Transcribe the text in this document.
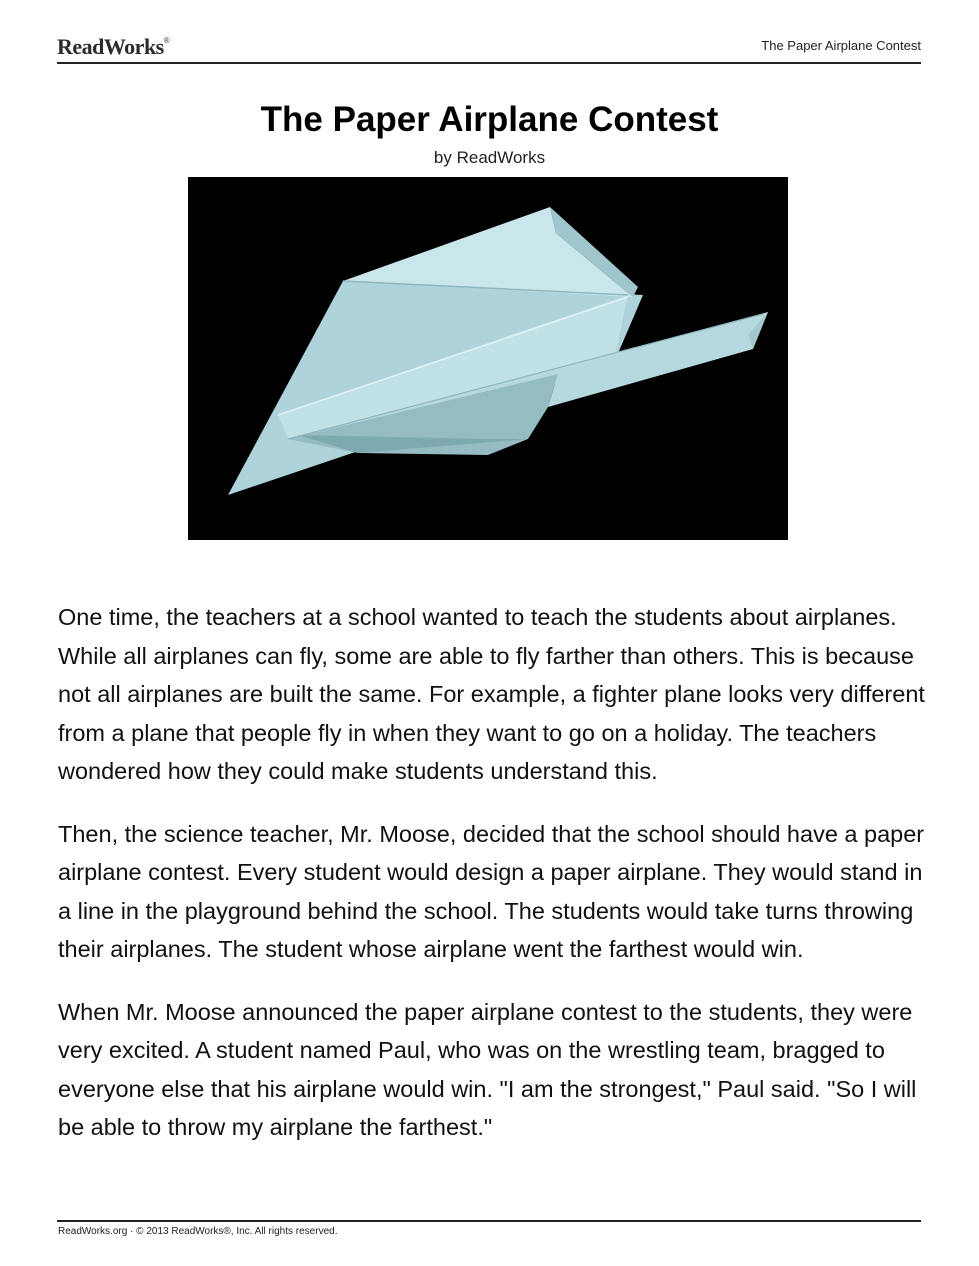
ReadWorks®	The Paper Airplane Contest
The Paper Airplane Contest
by ReadWorks

One time, the teachers at a school wanted to teach the students about airplanes. While all airplanes can fly, some are able to fly farther than others. This is because not all airplanes are built the same. For example, a fighter plane looks very different from a plane that people fly in when they want to go on a holiday. The teachers wondered how they could make students understand this.

Then, the science teacher, Mr. Moose, decided that the school should have a paper airplane contest. Every student would design a paper airplane. They would stand in a line in the playground behind the school. The students would take turns throwing their airplanes. The student whose airplane went the farthest would win.

When Mr. Moose announced the paper airplane contest to the students, they were very excited. A student named Paul, who was on the wrestling team, bragged to everyone else that his airplane would win. "I am the strongest," Paul said. "So I will be able to throw my airplane the farthest."

ReadWorks.org · © 2013 ReadWorks®, Inc. All rights reserved.
